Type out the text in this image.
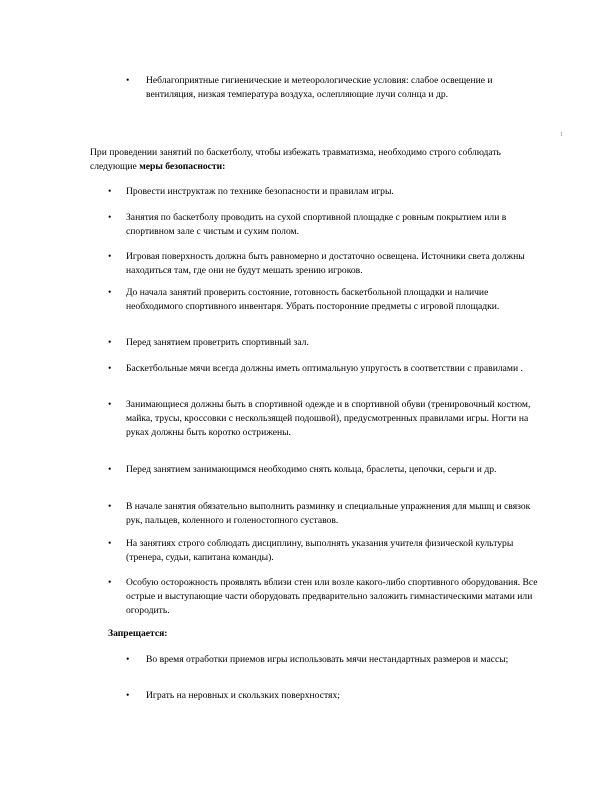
•	Неблагоприятные гигиенические и метеорологические условия: слабое освещение и вентиляция, низкая температура воздуха, ослепляющие лучи солнца и др.
1
При проведении занятий по баскетболу, чтобы избежать травматизма, необходимо строго соблюдать следующие меры безопасности:
•	Провести инструктаж по технике безопасности и правилам игры.
•	Занятия по баскетболу проводить на сухой спортивной площадке с ровным покрытием или в спортивном зале с чистым и сухим полом.
•	Игровая поверхность должна быть равномерно и достаточно освещена. Источники света должны находиться там, где они не будут мешать зрению игроков.
•	До начала занятий проверить состояние, готовность баскетбольной площадки и наличие необходимого спортивного инвентаря. Убрать посторонние предметы с игровой площадки.
•	Перед занятием проветрить спортивный зал.
•	Баскетбольные мячи всегда должны иметь оптимальную упругость в соответствии с правилами .
•	Занимающиеся должны быть в спортивной одежде и в спортивной обуви (тренировочный костюм, майка, трусы, кроссовки с нескользящей подошвой), предусмотренных правилами игры. Ногти на руках должны быть коротко острижены.
•	Перед занятием занимающимся необходимо снять кольца, браслеты, цепочки, серьги и др.
•	В начале занятия обязательно выполнить разминку и специальные упражнения для мышц и связок рук, пальцев, коленного и голеностопного суставов.
•	На занятиях строго соблюдать дисциплину, выполнять указания учителя физической культуры (тренера, судьи, капитана команды).
•	Особую осторожность проявлять вблизи стен или возле какого-либо спортивного оборудования. Все острые и выступающие части оборудовать предварительно заложить гимнастическими матами или огородить.
Запрещается:
•	Во время отработки приемов игры использовать мячи нестандартных размеров и массы;
•	Играть на неровных и скользких поверхностях;
